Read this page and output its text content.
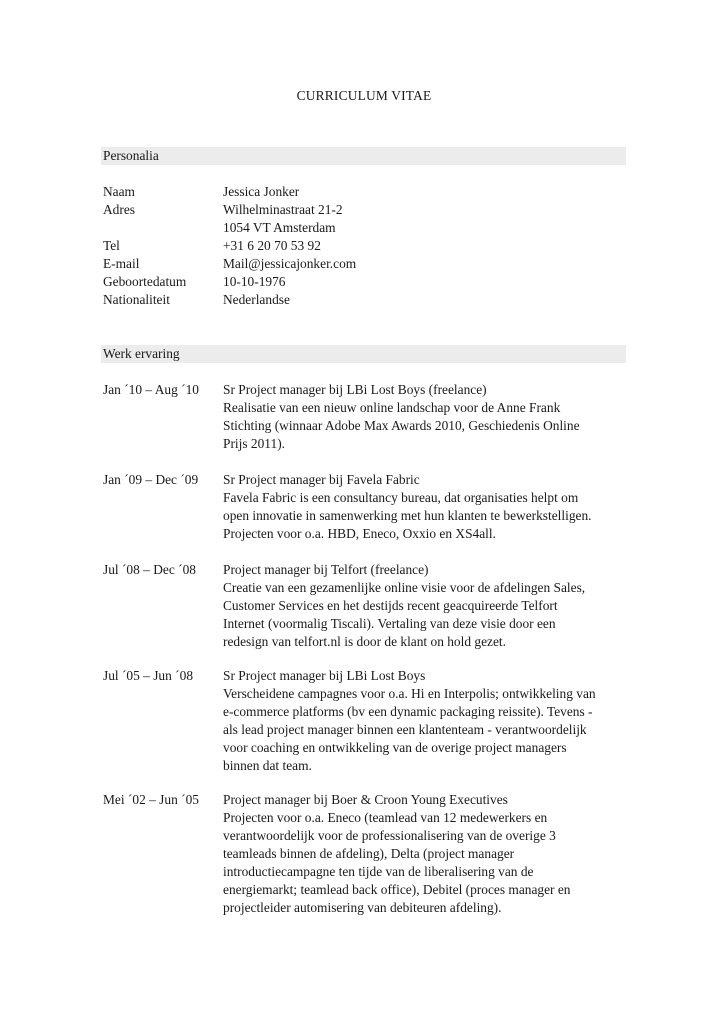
CURRICULUM VITAE
Personalia
Naam	Jessica Jonker
Adres	Wilhelminastraat 21-2
1054 VT Amsterdam
Tel	+31 6 20 70 53 92
E-mail	Mail@jessicajonker.com
Geboortedatum	10-10-1976
Nationaliteit	Nederlandse
Werk ervaring
Jan ´10 – Aug ´10	Sr Project manager bij LBi Lost Boys (freelance)
Realisatie van een nieuw online landschap voor de Anne Frank
Stichting (winnaar Adobe Max Awards 2010, Geschiedenis Online
Prijs 2011).
Jan ´09 – Dec ´09	Sr Project manager bij Favela Fabric
Favela Fabric is een consultancy bureau, dat organisaties helpt om
open innovatie in samenwerking met hun klanten te bewerkstelligen.
Projecten voor o.a. HBD, Eneco, Oxxio en XS4all.
Jul ´08 – Dec ´08	Project manager bij Telfort (freelance)
Creatie van een gezamenlijke online visie voor de afdelingen Sales,
Customer Services en het destijds recent geacquireerde Telfort
Internet (voormalig Tiscali). Vertaling van deze visie door een
redesign van telfort.nl is door de klant on hold gezet.
Jul ´05 – Jun ´08	Sr Project manager bij LBi Lost Boys
Verscheidene campagnes voor o.a. Hi en Interpolis; ontwikkeling van
e-commerce platforms (bv een dynamic packaging reissite). Tevens -
als lead project manager binnen een klantenteam - verantwoordelijk
voor coaching en ontwikkeling van de overige project managers
binnen dat team.
Mei ´02 – Jun ´05	Project manager bij Boer & Croon Young Executives
Projecten voor o.a. Eneco (teamlead van 12 medewerkers en
verantwoordelijk voor de professionalisering van de overige 3
teamleads binnen de afdeling), Delta (project manager
introductiecampagne ten tijde van de liberalisering van de
energiemarkt; teamlead back office), Debitel (proces manager en
projectleider automisering van debiteuren afdeling).
